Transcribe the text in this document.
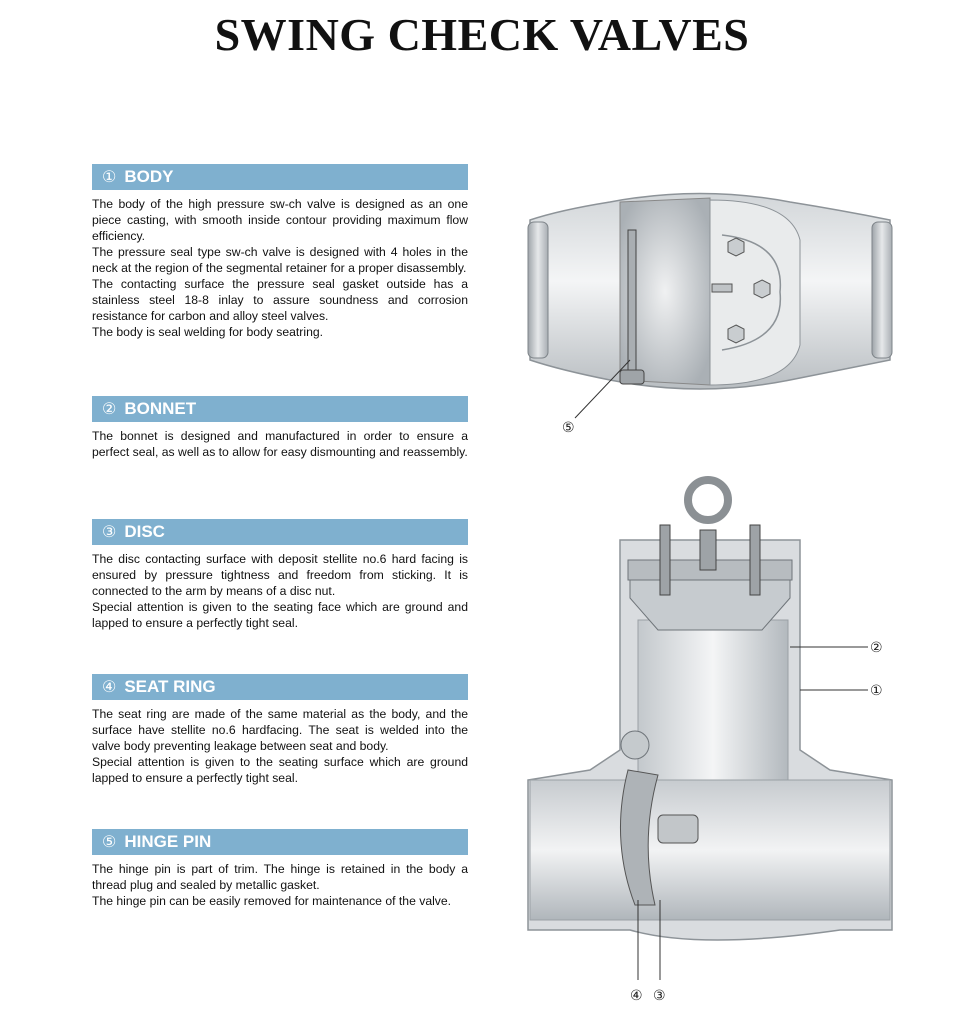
SWING CHECK VALVES
① BODY

The body of the high pressure sw-ch valve is designed as an one piece casting, with smooth inside contour providing maximum flow efficiency.

The pressure seal type sw-ch valve is designed with 4 holes in the neck at the region of the segmental retainer for a proper disassembly.

The contacting surface the pressure seal gasket outside has a stainless steel 18-8 inlay to assure soundness and corrosion resistance for carbon and alloy steel valves.

The body is seal welding for body seatring.

② BONNET

The bonnet is designed and manufactured in order to ensure a perfect seal, as well as to allow for easy dismounting and reassembly.

③ DISC

The disc contacting surface with deposit stellite no.6 hard facing is ensured by pressure tightness and freedom from sticking. It is connected to the arm by means of a disc nut.

Special attention is given to the seating face which are ground and lapped to ensure a perfectly tight seal.

④ SEAT RING

The seat ring are made of the same material as the body, and the surface have stellite no.6 hardfacing. The seat is welded into the valve body preventing leakage between seat and body.

Special attention is given to the seating surface which are ground lapped to ensure a perfectly tight seal.

⑤ HINGE PIN

The hinge pin is part of trim. The hinge is retained in the body a thread plug and sealed by metallic gasket.

The hinge pin can be easily removed for maintenance of the valve.

⑤
②
①
④ ③
